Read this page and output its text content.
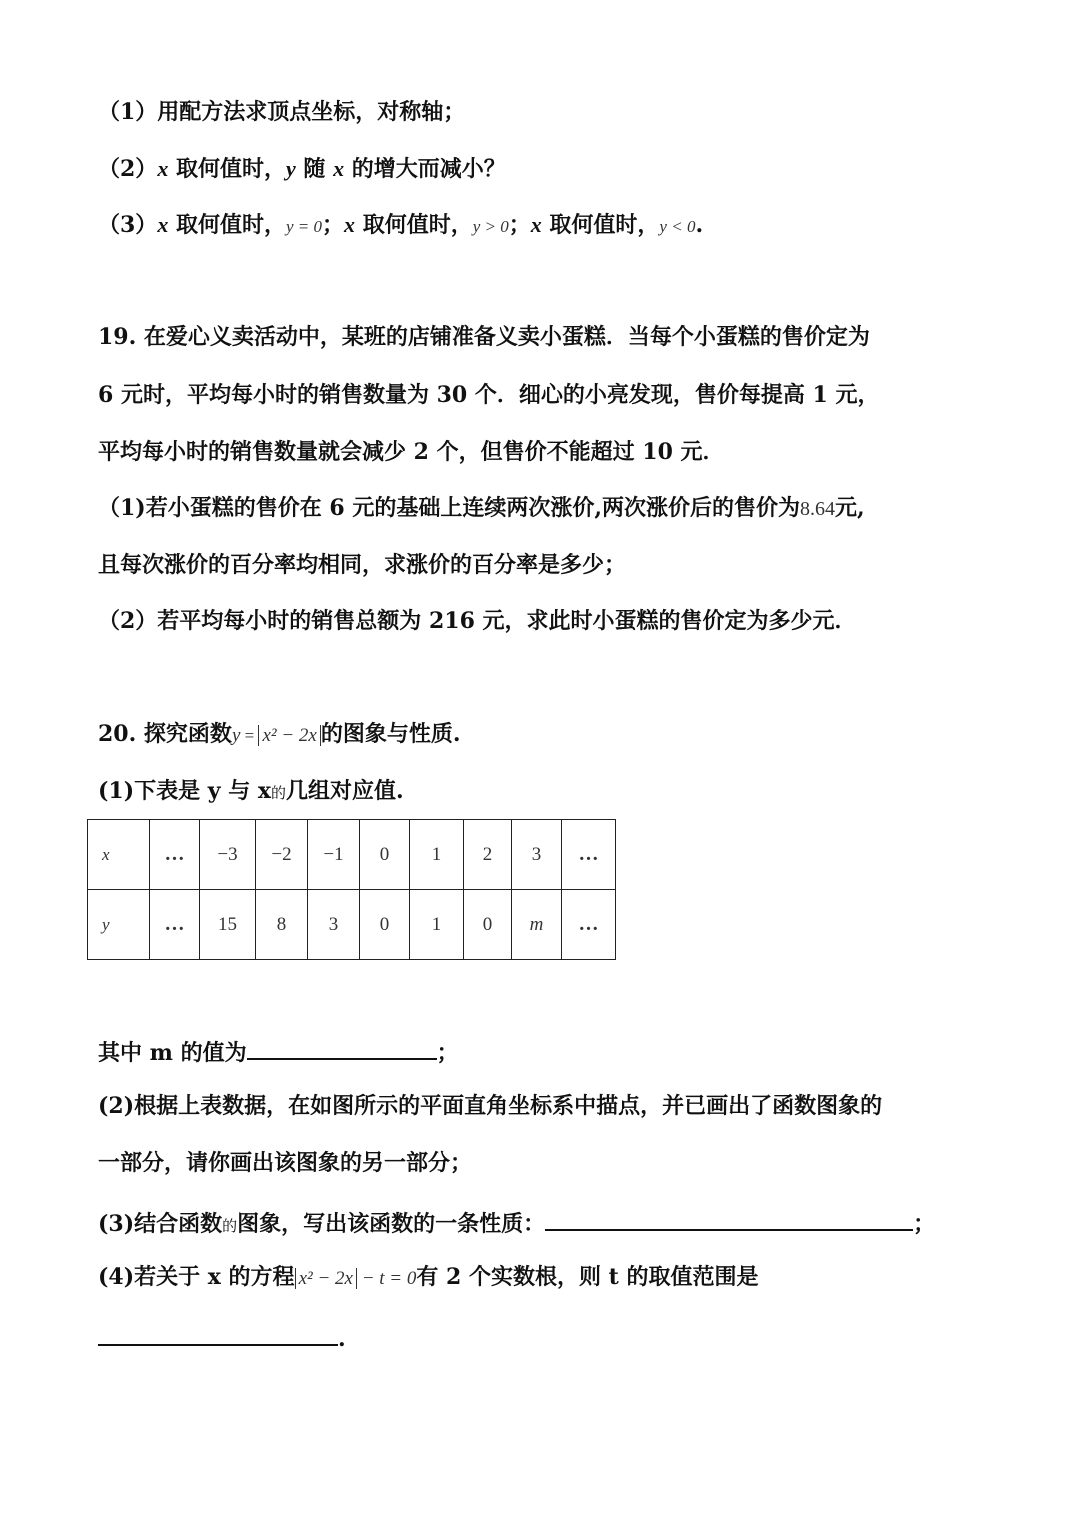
（1）用配方法求顶点坐标，对称轴；
（2）x 取何值时，y 随 x 的增大而减小？
（3）x 取何值时，y = 0；x 取何值时，y > 0；x 取何值时，y < 0.
19. 在爱心义卖活动中，某班的店铺准备义卖小蛋糕．当每个小蛋糕的售价定为
6 元时，平均每小时的销售数量为 30 个．细心的小亮发现，售价每提高 1 元，
平均每小时的销售数量就会减少 2 个，但售价不能超过 10 元．
（1)若小蛋糕的售价在 6 元的基础上连续两次涨价,两次涨价后的售价为8.64元,
且每次涨价的百分率均相同，求涨价的百分率是多少；
（2）若平均每小时的销售总额为 216 元，求此时小蛋糕的售价定为多少元．
20. 探究函数y = x² − 2x 的图象与性质.
(1)下表是 y 与 x的几组对应值.
x	…	−3	−2	−1	0	1	2	3	…
y	…	15	8	3	0	1	0	m	…
其中 m 的值为	；
(2)根据上表数据，在如图所示的平面直角坐标系中描点，并已画出了函数图象的
一部分，请你画出该图象的另一部分；
(3)结合函数的图象，写出该函数的一条性质：	；
(4)若关于 x 的方程 x² − 2x − t = 0有 2 个实数根，则 t 的取值范围是
.
